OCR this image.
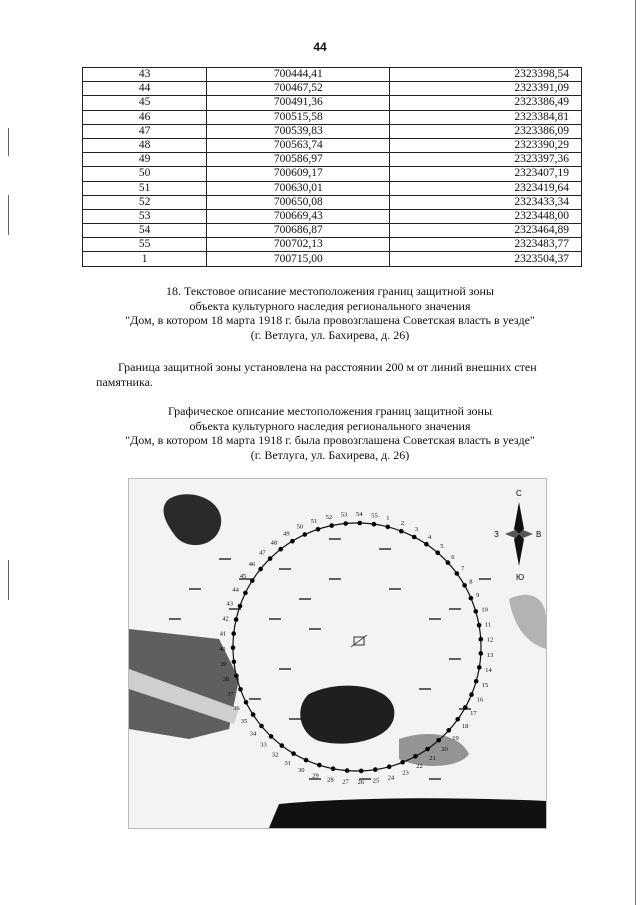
44
43	700444,41	2323398,54
44	700467,52	2323391,09
45	700491,36	2323386,49
46	700515,58	2323384,81
47	700539,83	2323386,09
48	700563,74	2323390,29
49	700586,97	2323397,36
50	700609,17	2323407,19
51	700630,01	2323419,64
52	700650,08	2323433,34
53	700669,43	2323448,00
54	700686,87	2323464,89
55	700702,13	2323483,77
1	700715,00	2323504,37
18. Текстовое описание местоположения границ защитной зоны
объекта культурного наследия регионального значения
"Дом, в котором 18 марта 1918 г. была провозглашена Советская власть в уезде"
(г. Ветлуга, ул. Бахирева, д. 26)
Граница защитной зоны установлена на расстоянии 200 м от линий внешних стен
памятника.
Графическое описание местоположения границ защитной зоны
объекта культурного наследия регионального значения
"Дом, в котором 18 марта 1918 г. была провозглашена Советская власть в уезде"
(г. Ветлуга, ул. Бахирева, д. 26)
С
Ю
В
З
1
2
3
4
5
6
7
8
9
10
11
12
13
14
15
16
17
18
19
20
21
22
23
24
25
26
27
28
29
30
31
32
33
34
35
36
37
38
39
40
41
42
43
44
45
46
47
48
49
50
51
52 53 54 55
